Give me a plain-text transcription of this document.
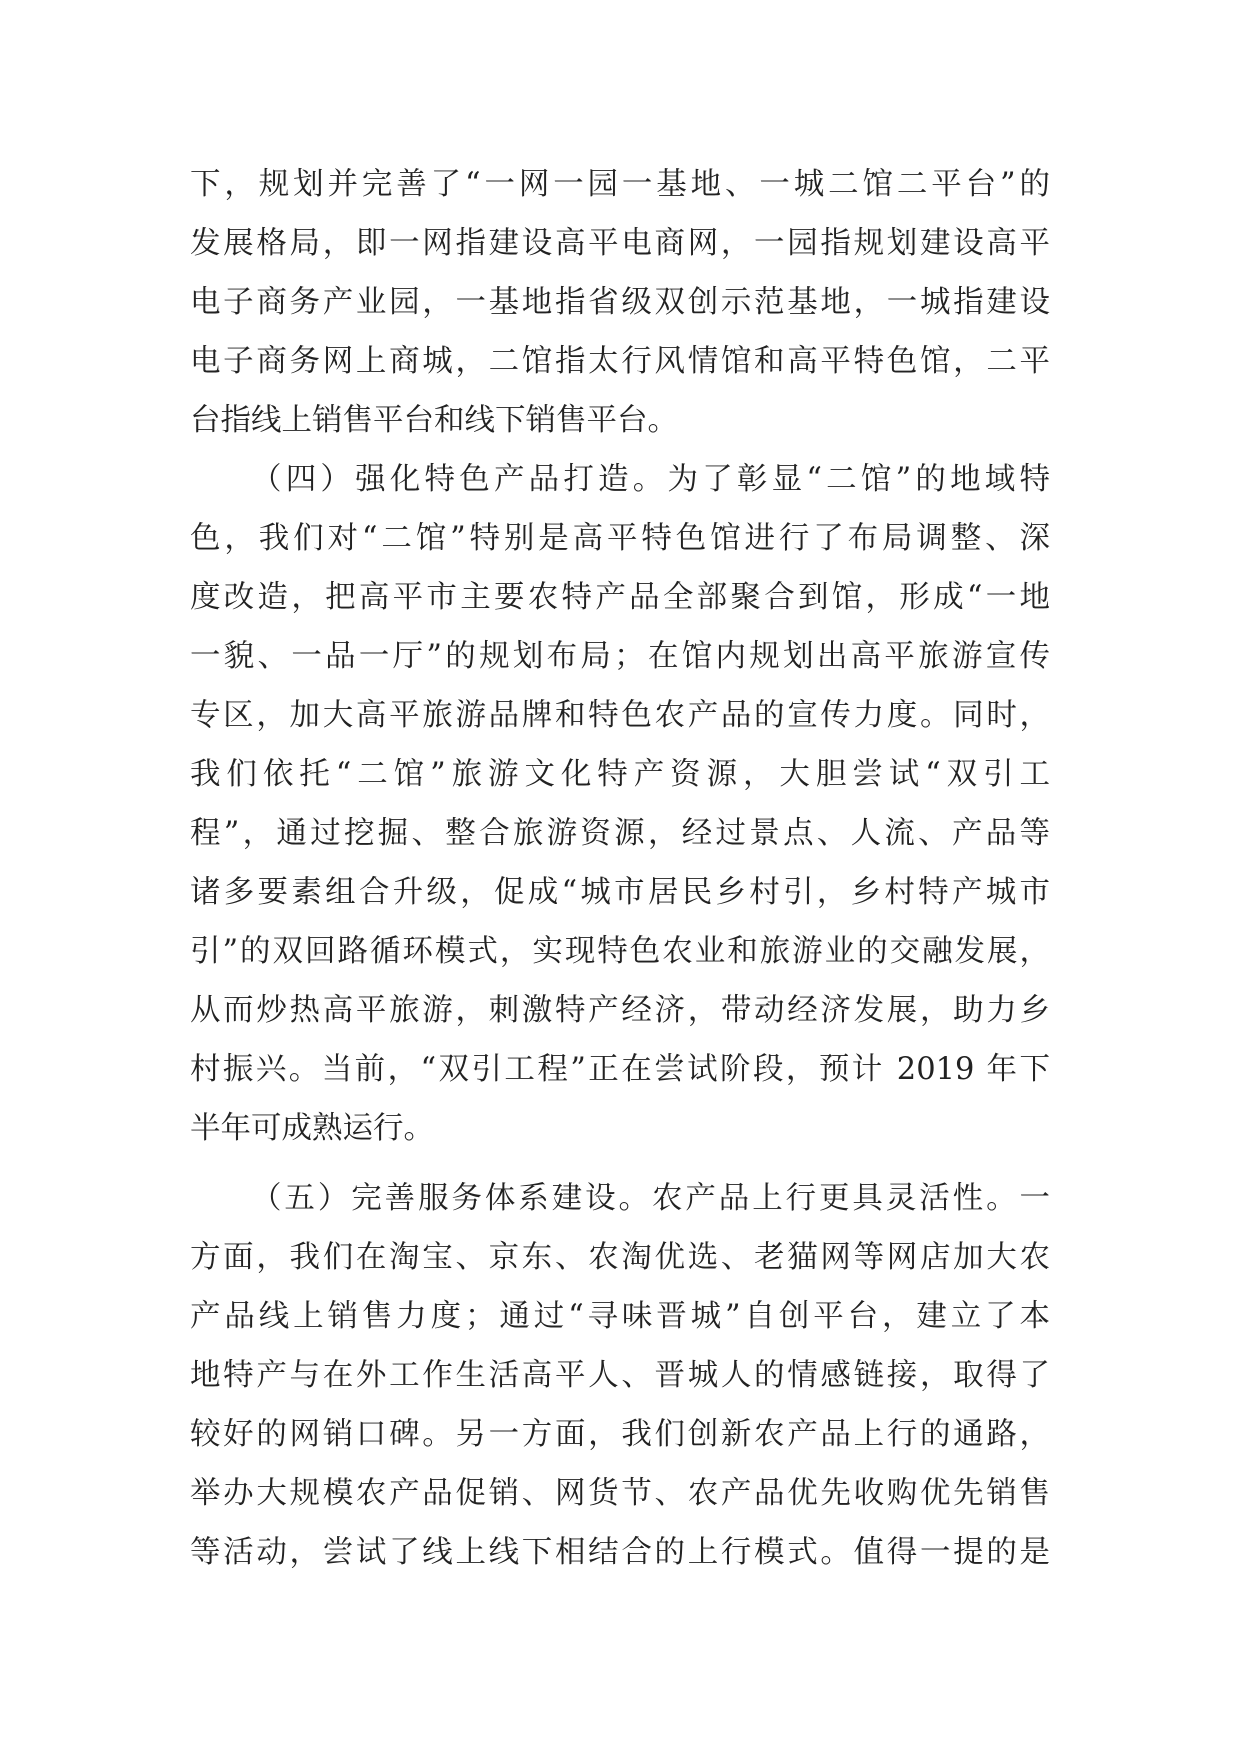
下，规划并完善了“一网一园一基地、一城二馆二平台”的
发展格局，即一网指建设高平电商网，一园指规划建设高平
电子商务产业园，一基地指省级双创示范基地，一城指建设
电子商务网上商城，二馆指太行风情馆和高平特色馆，二平
台指线上销售平台和线下销售平台。
（四）强化特色产品打造。为了彰显“二馆”的地域特
色，我们对“二馆”特别是高平特色馆进行了布局调整、深
度改造，把高平市主要农特产品全部聚合到馆，形成“一地
一貌、一品一厅”的规划布局；在馆内规划出高平旅游宣传
专区，加大高平旅游品牌和特色农产品的宣传力度。同时，
我们依托“二馆”旅游文化特产资源，大胆尝试“双引工
程”，通过挖掘、整合旅游资源，经过景点、人流、产品等
诸多要素组合升级，促成“城市居民乡村引，乡村特产城市
引”的双回路循环模式，实现特色农业和旅游业的交融发展，
从而炒热高平旅游，刺激特产经济，带动经济发展，助力乡
村振兴。当前，“双引工程”正在尝试阶段，预计 2019 年下
半年可成熟运行。
（五）完善服务体系建设。农产品上行更具灵活性。一
方面，我们在淘宝、京东、农淘优选、老猫网等网店加大农
产品线上销售力度；通过“寻味晋城”自创平台，建立了本
地特产与在外工作生活高平人、晋城人的情感链接，取得了
较好的网销口碑。另一方面，我们创新农产品上行的通路，
举办大规模农产品促销、网货节、农产品优先收购优先销售
等活动，尝试了线上线下相结合的上行模式。值得一提的是
